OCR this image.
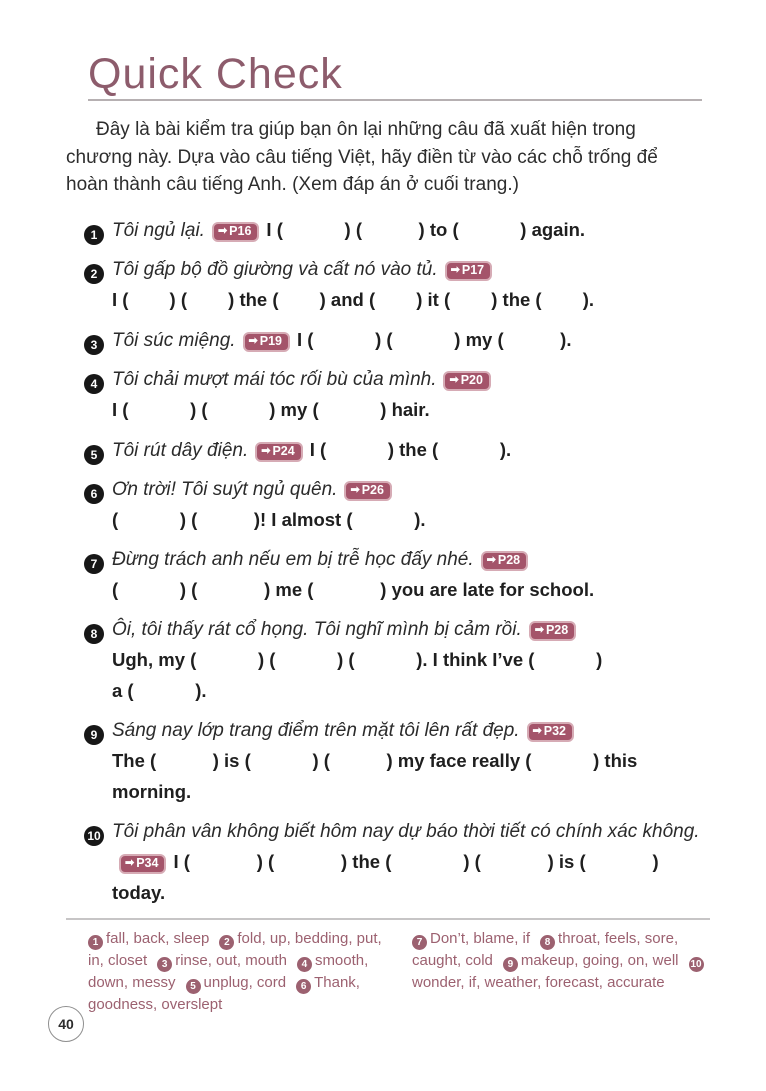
Quick Check
Đây là bài kiểm tra giúp bạn ôn lại những câu đã xuất hiện trong
chương này. Dựa vào câu tiếng Việt, hãy điền từ vào các chỗ trống để
hoàn thành câu tiếng Anh. (Xem đáp án ở cuối trang.)
1 Tôi ngủ lại. ➡ P16 I (            ) (           ) to (            ) again.
2 Tôi gấp bộ đồ giường và cất nó vào tủ. ➡ P17
I (        ) (        ) the (        ) and (        ) it (        ) the (        ).
3 Tôi súc miệng. ➡ P19 I (            ) (            ) my (           ).
4 Tôi chải mượt mái tóc rối bù của mình. ➡ P20
I (            ) (            ) my (            ) hair.
5 Tôi rút dây điện. ➡ P24 I (            ) the (            ).
6 Ơn trời! Tôi suýt ngủ quên. ➡ P26
(            ) (           )! I almost (            ).
7 Đừng trách anh nếu em bị trễ học đấy nhé. ➡ P28
(            ) (             ) me (             ) you are late for school.
8 Ôi, tôi thấy rát cổ họng. Tôi nghĩ mình bị cảm rồi. ➡ P28
Ugh, my (            ) (            ) (            ). I think I’ve (            )
a (            ).
9 Sáng nay lớp trang điểm trên mặt tôi lên rất đẹp. ➡ P32
The (           ) is (            ) (           ) my face really (            ) this
morning.
10 Tôi phân vân không biết hôm nay dự báo thời tiết có chính xác không.
➡ P34 I (             ) (             ) the (              ) (             ) is (             )
today.
1 fall, back, sleep 2 fold, up, bedding, put, in, closet 3 rinse, out, mouth 4 smooth, down, messy 5 unplug, cord 6 Thank, goodness, overslept
7 Don’t, blame, if 8 throat, feels, sore, caught, cold 9 makeup, going, on, well 10wonder, if, weather, forecast, accurate
40
